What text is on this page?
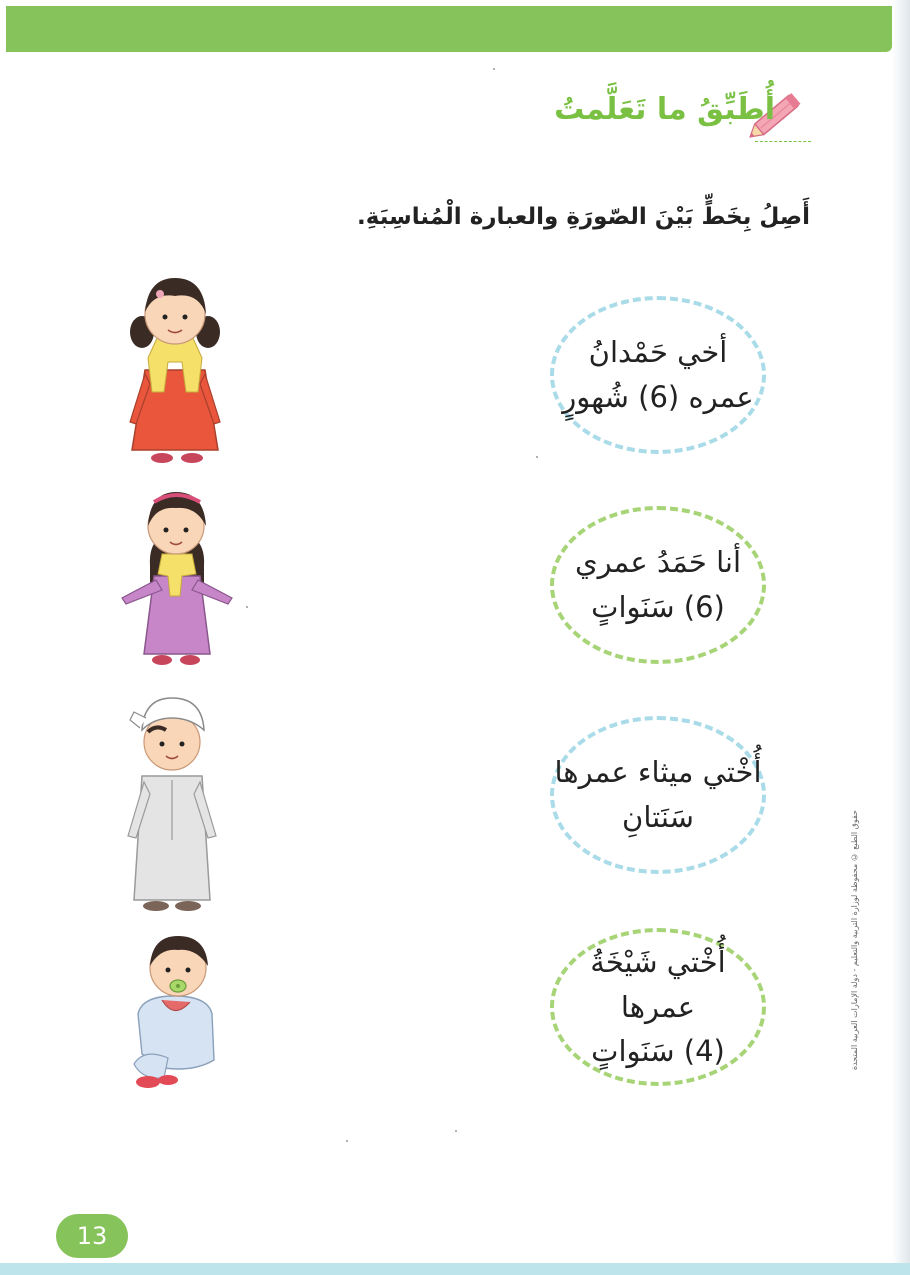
أُطَبِّقُ ما تَعَلَّمتُ
أَصِلُ بِخَطٍّ بَيْنَ الصّورَةِ والعبارة الْمُناسِبَةِ.
أخي حَمْدانُ
عمره (6) شُهورٍ
أنا حَمَدُ عمري
(6) سَنَواتٍ
أُخْتي ميثاء عمرها
سَنَتانِ
أُخْتي شَيْخَةُ عمرها
(4) سَنَواتٍ	حقوق الطبع © محفوظة لوزارة التربية والتعليم - دولة الإمارات العربية المتحدة
13
